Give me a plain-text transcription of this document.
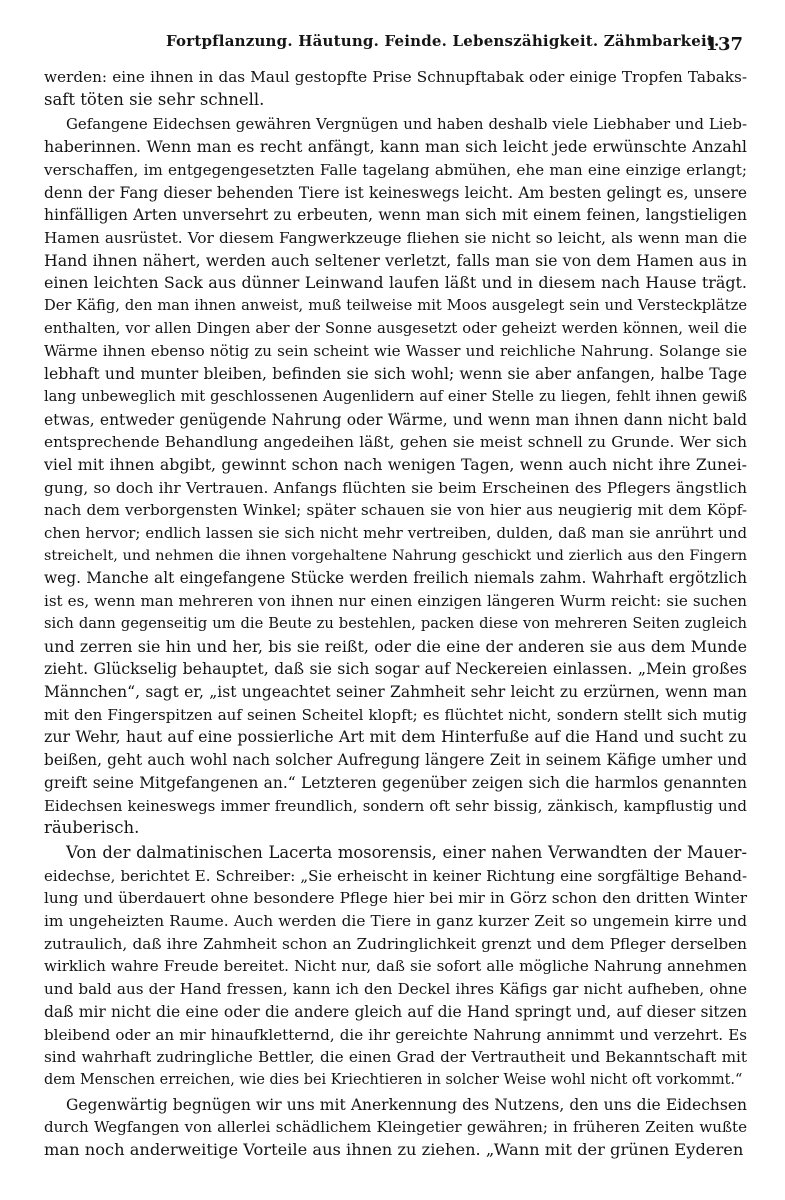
Fortpflanzung. Häutung. Feinde. Lebenszähigkeit. Zähmbarkeit.
137
werden: eine ihnen in das Maul gestopfte Prise Schnupftabak oder einige Tropfen Tabaks-
saft töten sie sehr schnell.
Gefangene Eidechsen gewähren Vergnügen und haben deshalb viele Liebhaber und Lieb-
haberinnen. Wenn man es recht anfängt, kann man sich leicht jede erwünschte Anzahl
verschaffen, im entgegengesetzten Falle tagelang abmühen, ehe man eine einzige erlangt;
denn der Fang dieser behenden Tiere ist keineswegs leicht. Am besten gelingt es, unsere
hinfälligen Arten unversehrt zu erbeuten, wenn man sich mit einem feinen, langstieligen
Hamen ausrüstet. Vor diesem Fangwerkzeuge fliehen sie nicht so leicht, als wenn man die
Hand ihnen nähert, werden auch seltener verletzt, falls man sie von dem Hamen aus in
einen leichten Sack aus dünner Leinwand laufen läßt und in diesem nach Hause trägt.
Der Käfig, den man ihnen anweist, muß teilweise mit Moos ausgelegt sein und Versteckplätze
enthalten, vor allen Dingen aber der Sonne ausgesetzt oder geheizt werden können, weil die
Wärme ihnen ebenso nötig zu sein scheint wie Wasser und reichliche Nahrung. Solange sie
lebhaft und munter bleiben, befinden sie sich wohl; wenn sie aber anfangen, halbe Tage
lang unbeweglich mit geschlossenen Augenlidern auf einer Stelle zu liegen, fehlt ihnen gewiß
etwas, entweder genügende Nahrung oder Wärme, und wenn man ihnen dann nicht bald
entsprechende Behandlung angedeihen läßt, gehen sie meist schnell zu Grunde. Wer sich
viel mit ihnen abgibt, gewinnt schon nach wenigen Tagen, wenn auch nicht ihre Zunei-
gung, so doch ihr Vertrauen. Anfangs flüchten sie beim Erscheinen des Pflegers ängstlich
nach dem verborgensten Winkel; später schauen sie von hier aus neugierig mit dem Köpf-
chen hervor; endlich lassen sie sich nicht mehr vertreiben, dulden, daß man sie anrührt und
streichelt, und nehmen die ihnen vorgehaltene Nahrung geschickt und zierlich aus den Fingern
weg. Manche alt eingefangene Stücke werden freilich niemals zahm. Wahrhaft ergötzlich
ist es, wenn man mehreren von ihnen nur einen einzigen längeren Wurm reicht: sie suchen
sich dann gegenseitig um die Beute zu bestehlen, packen diese von mehreren Seiten zugleich
und zerren sie hin und her, bis sie reißt, oder die eine der anderen sie aus dem Munde
zieht. Glückselig behauptet, daß sie sich sogar auf Neckereien einlassen. „Mein großes
Männchen“, sagt er, „ist ungeachtet seiner Zahmheit sehr leicht zu erzürnen, wenn man
mit den Fingerspitzen auf seinen Scheitel klopft; es flüchtet nicht, sondern stellt sich mutig
zur Wehr, haut auf eine possierliche Art mit dem Hinterfuße auf die Hand und sucht zu
beißen, geht auch wohl nach solcher Aufregung längere Zeit in seinem Käfige umher und
greift seine Mitgefangenen an.“ Letzteren gegenüber zeigen sich die harmlos genannten
Eidechsen keineswegs immer freundlich, sondern oft sehr bissig, zänkisch, kampflustig und
räuberisch.
Von der dalmatinischen Lacerta mosorensis, einer nahen Verwandten der Mauer-
eidechse, berichtet E. Schreiber: „Sie erheischt in keiner Richtung eine sorgfältige Behand-
lung und überdauert ohne besondere Pflege hier bei mir in Görz schon den dritten Winter
im ungeheizten Raume. Auch werden die Tiere in ganz kurzer Zeit so ungemein kirre und
zutraulich, daß ihre Zahmheit schon an Zudringlichkeit grenzt und dem Pfleger derselben
wirklich wahre Freude bereitet. Nicht nur, daß sie sofort alle mögliche Nahrung annehmen
und bald aus der Hand fressen, kann ich den Deckel ihres Käfigs gar nicht aufheben, ohne
daß mir nicht die eine oder die andere gleich auf die Hand springt und, auf dieser sitzen
bleibend oder an mir hinaufkletternd, die ihr gereichte Nahrung annimmt und verzehrt. Es
sind wahrhaft zudringliche Bettler, die einen Grad der Vertrautheit und Bekanntschaft mit
dem Menschen erreichen, wie dies bei Kriechtieren in solcher Weise wohl nicht oft vorkommt.“
Gegenwärtig begnügen wir uns mit Anerkennung des Nutzens, den uns die Eidechsen
durch Wegfangen von allerlei schädlichem Kleingetier gewähren; in früheren Zeiten wußte
man noch anderweitige Vorteile aus ihnen zu ziehen. „Wann mit der grünen Eyderen
